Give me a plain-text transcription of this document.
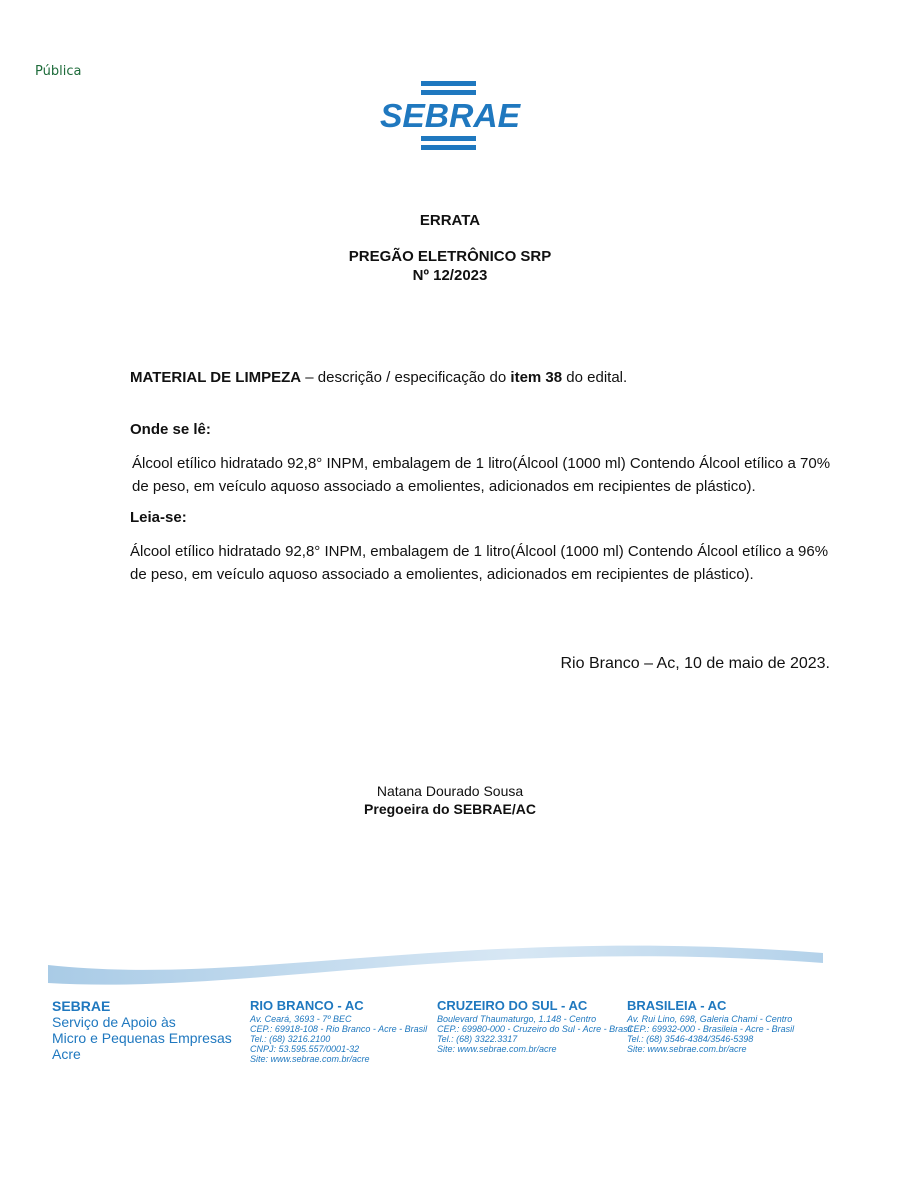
Pública
SEBRAE
ERRATA
PREGÃO ELETRÔNICO SRP
Nº 12/2023
MATERIAL DE LIMPEZA – descrição / especificação do item 38 do edital.
Onde se lê:
Álcool etílico hidratado 92,8° INPM, embalagem de 1 litro(Álcool (1000 ml) Contendo Álcool etílico a 70% de peso, em veículo aquoso associado a emolientes, adicionados em recipientes de plástico).
Leia-se:
Álcool etílico hidratado 92,8° INPM, embalagem de 1 litro(Álcool (1000 ml) Contendo Álcool etílico a 96% de peso, em veículo aquoso associado a emolientes, adicionados em recipientes de plástico).
Rio Branco – Ac, 10 de maio de 2023.
Natana Dourado Sousa
Pregoeira do SEBRAE/AC
SEBRAE
Serviço de Apoio às
Micro e Pequenas Empresas
Acre
RIO BRANCO - AC
Av. Ceará, 3693 - 7º BEC
CEP.: 69918-108 - Rio Branco - Acre - Brasil
Tel.: (68) 3216.2100
CNPJ: 53.595.557/0001-32
Site: www.sebrae.com.br/acre
CRUZEIRO DO SUL - AC
Boulevard Thaumaturgo, 1.148 - Centro
CEP.: 69980-000 - Cruzeiro do Sul - Acre - Brasil
Tel.: (68) 3322.3317
Site: www.sebrae.com.br/acre
BRASILEIA - AC
Av. Rui Lino, 698, Galeria Chami - Centro
CEP.: 69932-000 - Brasileia - Acre - Brasil
Tel.: (68) 3546-4384/3546-5398
Site: www.sebrae.com.br/acre
